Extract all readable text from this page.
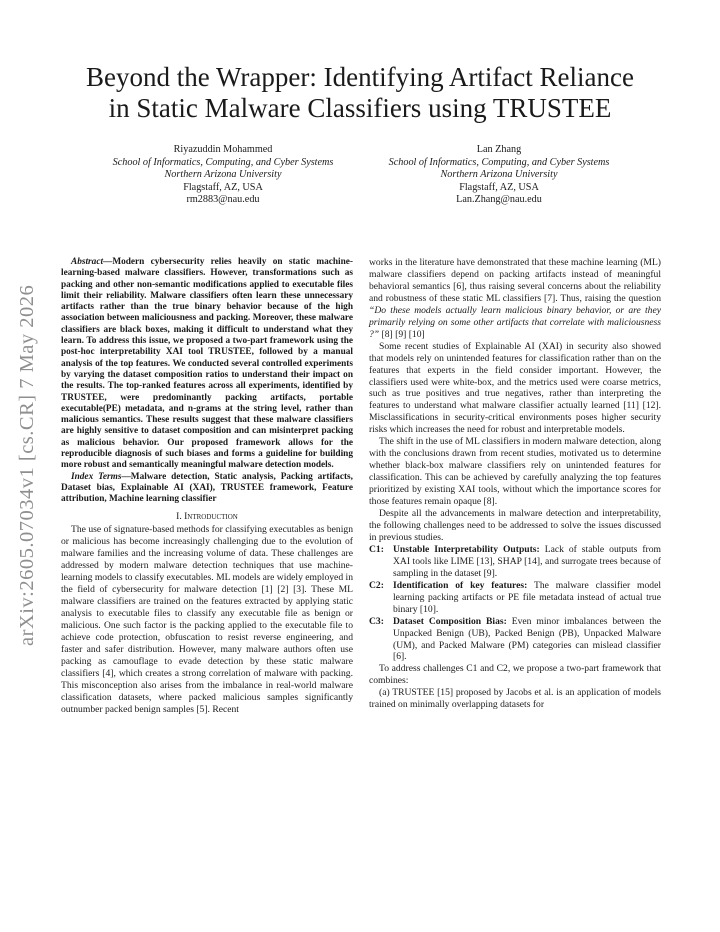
Beyond the Wrapper: Identifying Artifact Reliance
in Static Malware Classifiers using TRUSTEE
Riyazuddin Mohammed
School of Informatics, Computing, and Cyber Systems
Northern Arizona University
Flagstaff, AZ, USA
rm2883@nau.edu
Lan Zhang
School of Informatics, Computing, and Cyber Systems
Northern Arizona University
Flagstaff, AZ, USA
Lan.Zhang@nau.edu
arXiv:2605.07034v1 [cs.CR] 7 May 2026

Abstract—Modern cybersecurity relies heavily on static machine-learning-based malware classifiers. However, transformations such as packing and other non-semantic modifications applied to executable files limit their reliability. Malware classifiers often learn these unnecessary artifacts rather than the true binary behavior because of the high association between maliciousness and packing. Moreover, these malware classifiers are black boxes, making it difficult to understand what they learn. To address this issue, we proposed a two-part framework using the post-hoc interpretability XAI tool TRUSTEE, followed by a manual analysis of the top features. We conducted several controlled experiments by varying the dataset composition ratios to understand their impact on the results. The top-ranked features across all experiments, identified by TRUSTEE, were predominantly packing artifacts, portable executable(PE) metadata, and n-grams at the string level, rather than malicious semantics. These results suggest that these malware classifiers are highly sensitive to dataset composition and can misinterpret packing as malicious behavior. Our proposed framework allows for the reproducible diagnosis of such biases and forms a guideline for building more robust and semantically meaningful malware detection models.

Index Terms—Malware detection, Static analysis, Packing artifacts, Dataset bias, Explainable AI (XAI), TRUSTEE framework, Feature attribution, Machine learning classifier

I. Introduction

The use of signature-based methods for classifying executables as benign or malicious has become increasingly challenging due to the evolution of malware families and the increasing volume of data. These challenges are addressed by modern malware detection techniques that use machine-learning models to classify executables. ML models are widely employed in the field of cybersecurity for malware detection [1] [2] [3]. These ML malware classifiers are trained on the features extracted by applying static analysis to executable files to classify any executable file as benign or malicious. One such factor is the packing applied to the executable file to achieve code protection, obfuscation to resist reverse engineering, and faster and safer distribution. However, many malware authors often use packing as camouflage to evade detection by these static malware classifiers [4], which creates a strong correlation of malware with packing. This misconception also arises from the imbalance in real-world malware classification datasets, where packed malicious samples significantly outnumber packed benign samples [5]. Recent

works in the literature have demonstrated that these machine learning (ML) malware classifiers depend on packing artifacts instead of meaningful behavioral semantics [6], thus raising several concerns about the reliability and robustness of these static ML classifiers [7]. Thus, raising the question “Do these models actually learn malicious binary behavior, or are they primarily relying on some other artifacts that correlate with maliciousness ?” [8] [9] [10]

Some recent studies of Explainable AI (XAI) in security also showed that models rely on unintended features for classification rather than on the features that experts in the field consider important. However, the classifiers used were white-box, and the metrics used were coarse metrics, such as true positives and true negatives, rather than interpreting the features to understand what malware classifier actually learned [11] [12]. Misclassifications in security-critical environments poses higher security risks which increases the need for robust and interpretable models.

The shift in the use of ML classifiers in modern malware detection, along with the conclusions drawn from recent studies, motivated us to determine whether black-box malware classifiers rely on unintended features for classification. This can be achieved by carefully analyzing the top features prioritized by existing XAI tools, without which the importance scores for those features remain opaque [8].

Despite all the advancements in malware detection and interpretability, the following challenges need to be addressed to solve the issues discussed in previous studies.

C1: Unstable Interpretability Outputs: Lack of stable outputs from XAI tools like LIME [13], SHAP [14], and surrogate trees because of sampling in the dataset [9].
C2: Identification of key features: The malware classifier model learning packing artifacts or PE file metadata instead of actual true binary [10].
C3: Dataset Composition Bias: Even minor imbalances between the Unpacked Benign (UB), Packed Benign (PB), Unpacked Malware (UM), and Packed Malware (PM) categories can mislead classifier [6].

To address challenges C1 and C2, we propose a two-part framework that combines:

(a) TRUSTEE [15] proposed by Jacobs et al. is an application of models trained on minimally overlapping datasets for
